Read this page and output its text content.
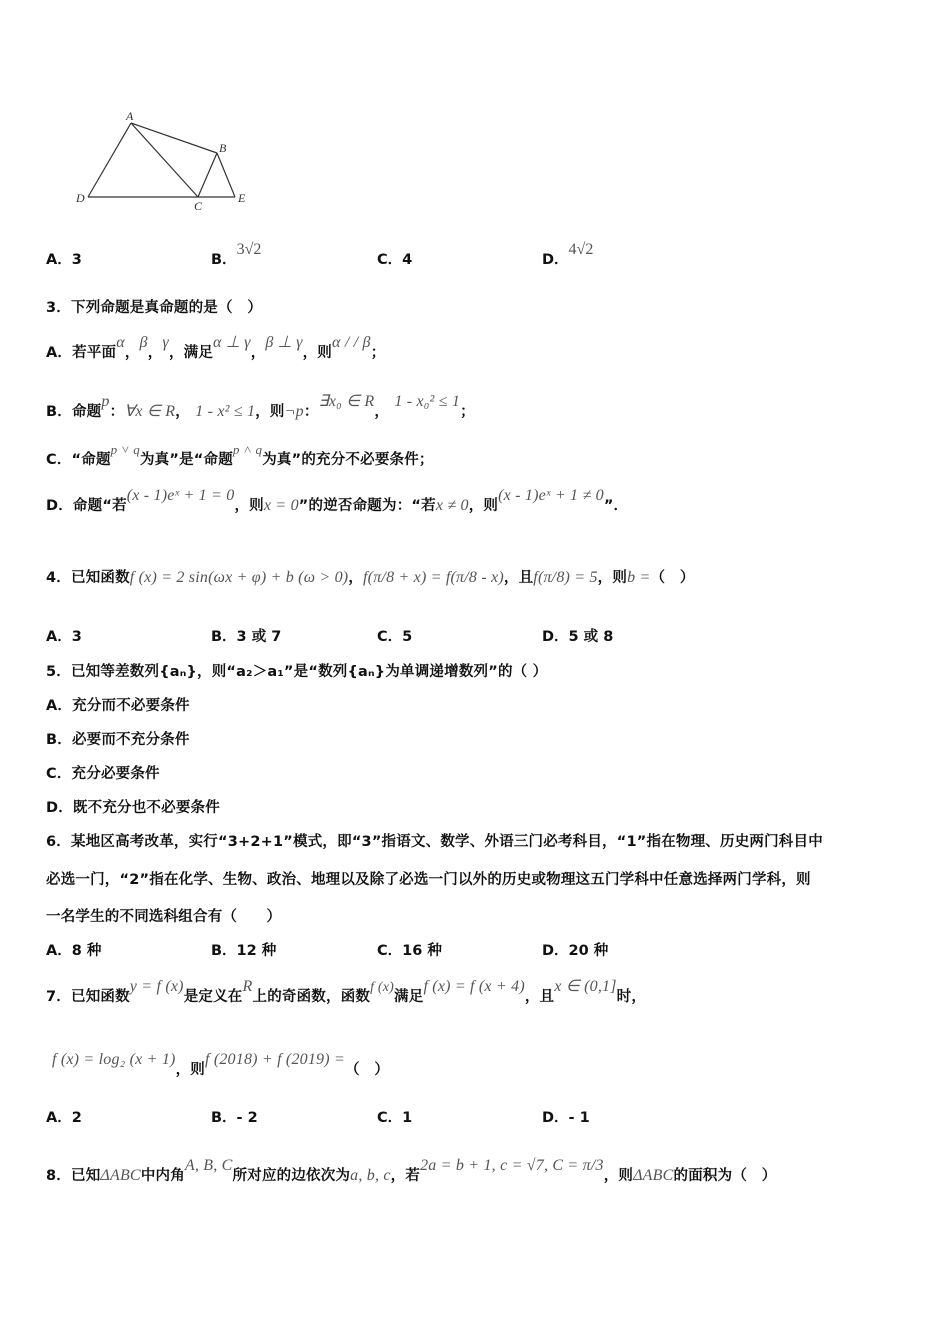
A
B
C
D	E
A．3	B．3√2
C．4	D．4√2
3．下列命题是真命题的是（　）
A．若平面α，β，γ，满足α ⊥ γ，β ⊥ γ，则α / / β；
B．命题p：∀x ∈ R， 1 - x² ≤ 1，则¬p：∃x₀ ∈ R， 1 - x₀² ≤ 1；
C．“命题p ˅ q为真”是“命题p ˄ q为真”的充分不必要条件；
D．命题“若(x - 1)eˣ + 1 = 0，则x = 0”的逆否命题为：“若x ≠ 0，则(x - 1)eˣ + 1 ≠ 0”．
4．已知函数f (x) = 2 sin(ωx + φ) + b (ω > 0)，f(π/8 + x) = f(π/8 - x)，且f(π/8) = 5，则b =（　）
A．3	B．3 或 7	C．5	D．5 或 8
5．已知等差数列{aₙ}，则“a₂＞a₁”是“数列{aₙ}为单调递增数列”的（ ）
A．充分而不必要条件
B．必要而不充分条件
C．充分必要条件
D．既不充分也不必要条件
6．某地区高考改革，实行“3+2+1”模式，即“3”指语文、数学、外语三门必考科目，“1”指在物理、历史两门科目中
必选一门，“2”指在化学、生物、政治、地理以及除了必选一门以外的历史或物理这五门学科中任意选择两门学科，则
一名学生的不同选科组合有（　　）
A．8 种	B．12 种	C．16 种	D．20 种
7．已知函数y = f (x)是定义在R上的奇函数，函数f (x)满足f (x) = f (x + 4)，且x ∈ (0,1]时，
f (x) = log₂ (x + 1)，则f (2018) + f (2019) =（　）
A．2	B．- 2	C．1	D．- 1
8．已知ΔABC中内角A, B, C所对应的边依次为a, b, c，若2a = b + 1, c = √7, C = π/3，则ΔABC的面积为（　）
